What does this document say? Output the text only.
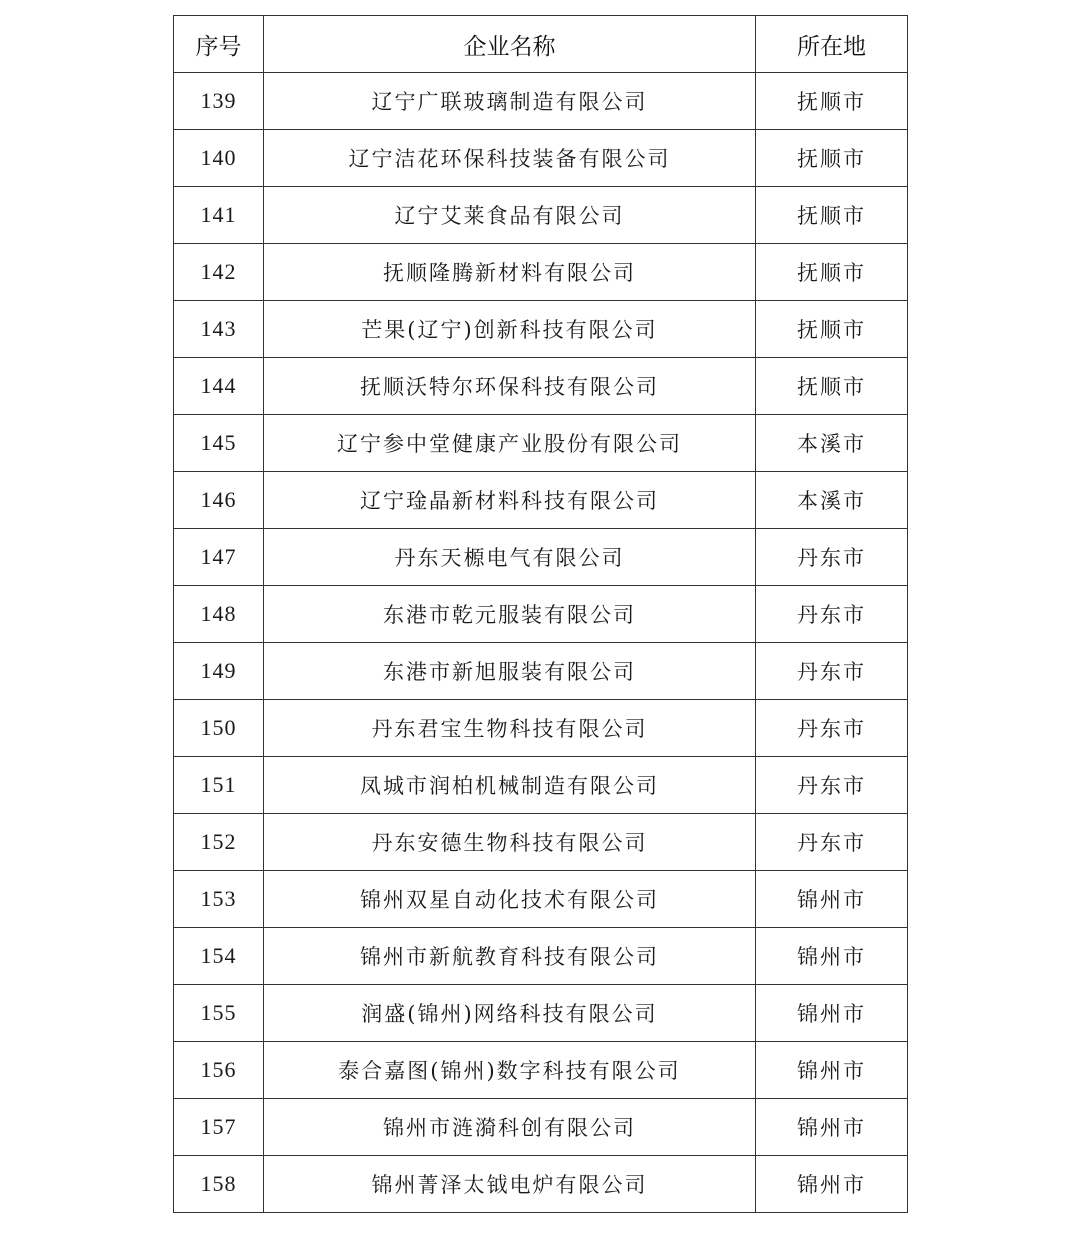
序号	企业名称	所在地
139	辽宁广联玻璃制造有限公司	抚顺市
140	辽宁洁花环保科技装备有限公司	抚顺市
141	辽宁艾莱食品有限公司	抚顺市
142	抚顺隆腾新材料有限公司	抚顺市
143	芒果(辽宁)创新科技有限公司	抚顺市
144	抚顺沃特尔环保科技有限公司	抚顺市
145	辽宁参中堂健康产业股份有限公司	本溪市
146	辽宁琻晶新材料科技有限公司	本溪市
147	丹东天榞电气有限公司	丹东市
148	东港市乾元服装有限公司	丹东市
149	东港市新旭服装有限公司	丹东市
150	丹东君宝生物科技有限公司	丹东市
151	凤城市润柏机械制造有限公司	丹东市
152	丹东安德生物科技有限公司	丹东市
153	锦州双星自动化技术有限公司	锦州市
154	锦州市新航教育科技有限公司	锦州市
155	润盛(锦州)网络科技有限公司	锦州市
156	泰合嘉图(锦州)数字科技有限公司	锦州市
157	锦州市涟漪科创有限公司	锦州市
158	锦州菁泽太钺电炉有限公司	锦州市
